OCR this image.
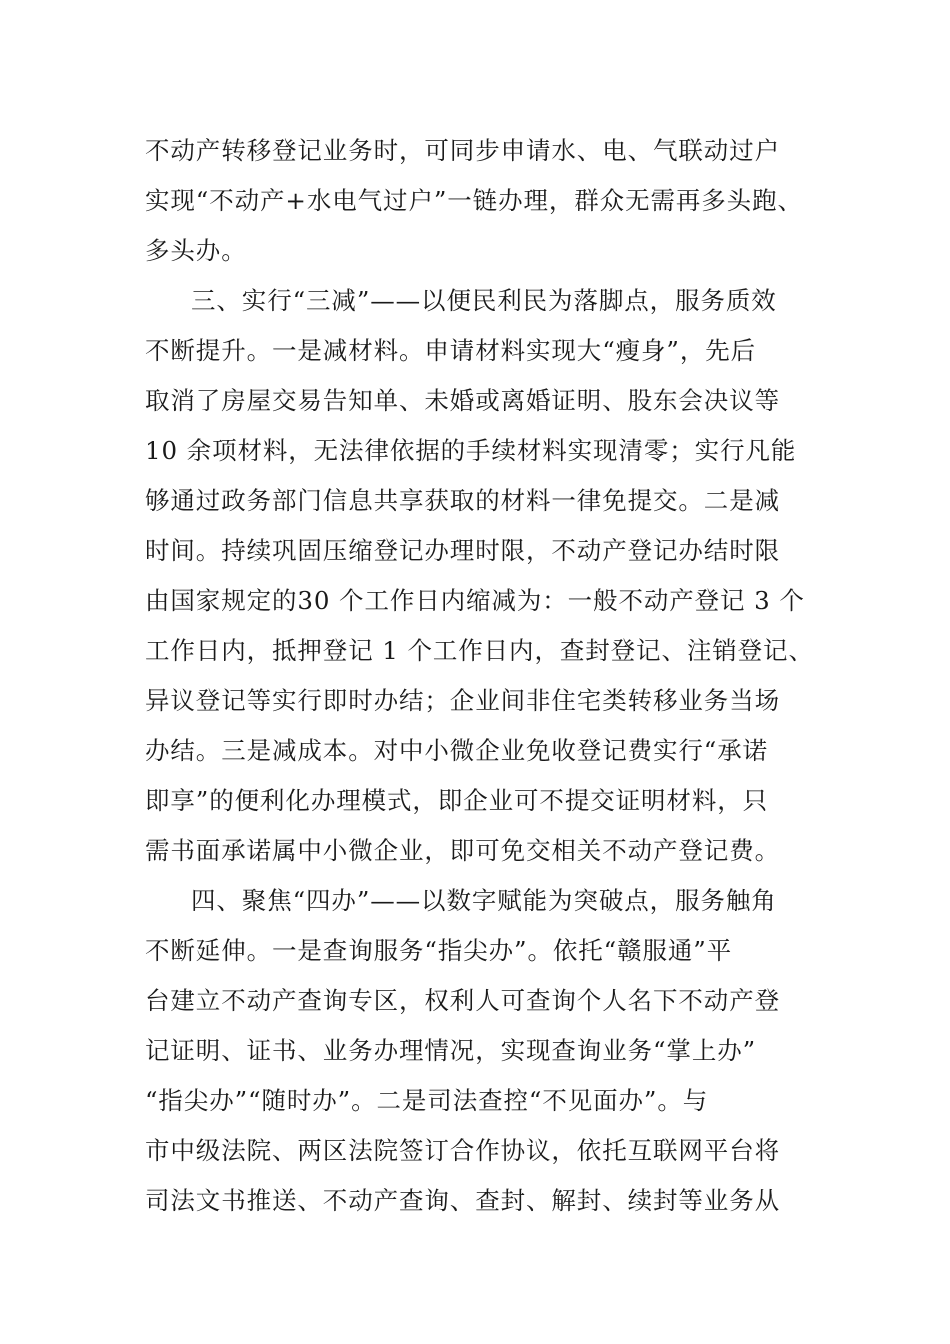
不动产转移登记业务时，可同步申请水、电、气联动过户
实现“不动产+水电气过户”一链办理，群众无需再多头跑、
多头办。
三、实行“三减”——以便民利民为落脚点，服务质效
不断提升。一是减材料。申请材料实现大“瘦身”，先后
取消了房屋交易告知单、未婚或离婚证明、股东会决议等
10 余项材料，无法律依据的手续材料实现清零；实行凡能
够通过政务部门信息共享获取的材料一律免提交。二是减
时间。持续巩固压缩登记办理时限，不动产登记办结时限
由国家规定的30 个工作日内缩减为：一般不动产登记 3 个
工作日内，抵押登记 1 个工作日内，查封登记、注销登记、
异议登记等实行即时办结；企业间非住宅类转移业务当场
办结。三是减成本。对中小微企业免收登记费实行“承诺
即享”的便利化办理模式，即企业可不提交证明材料，只
需书面承诺属中小微企业，即可免交相关不动产登记费。
四、聚焦“四办”——以数字赋能为突破点，服务触角
不断延伸。一是查询服务“指尖办”。依托“赣服通”平
台建立不动产查询专区，权利人可查询个人名下不动产登
记证明、证书、业务办理情况，实现查询业务“掌上办”
“指尖办”“随时办”。二是司法查控“不见面办”。与
市中级法院、两区法院签订合作协议，依托互联网平台将
司法文书推送、不动产查询、查封、解封、续封等业务从
